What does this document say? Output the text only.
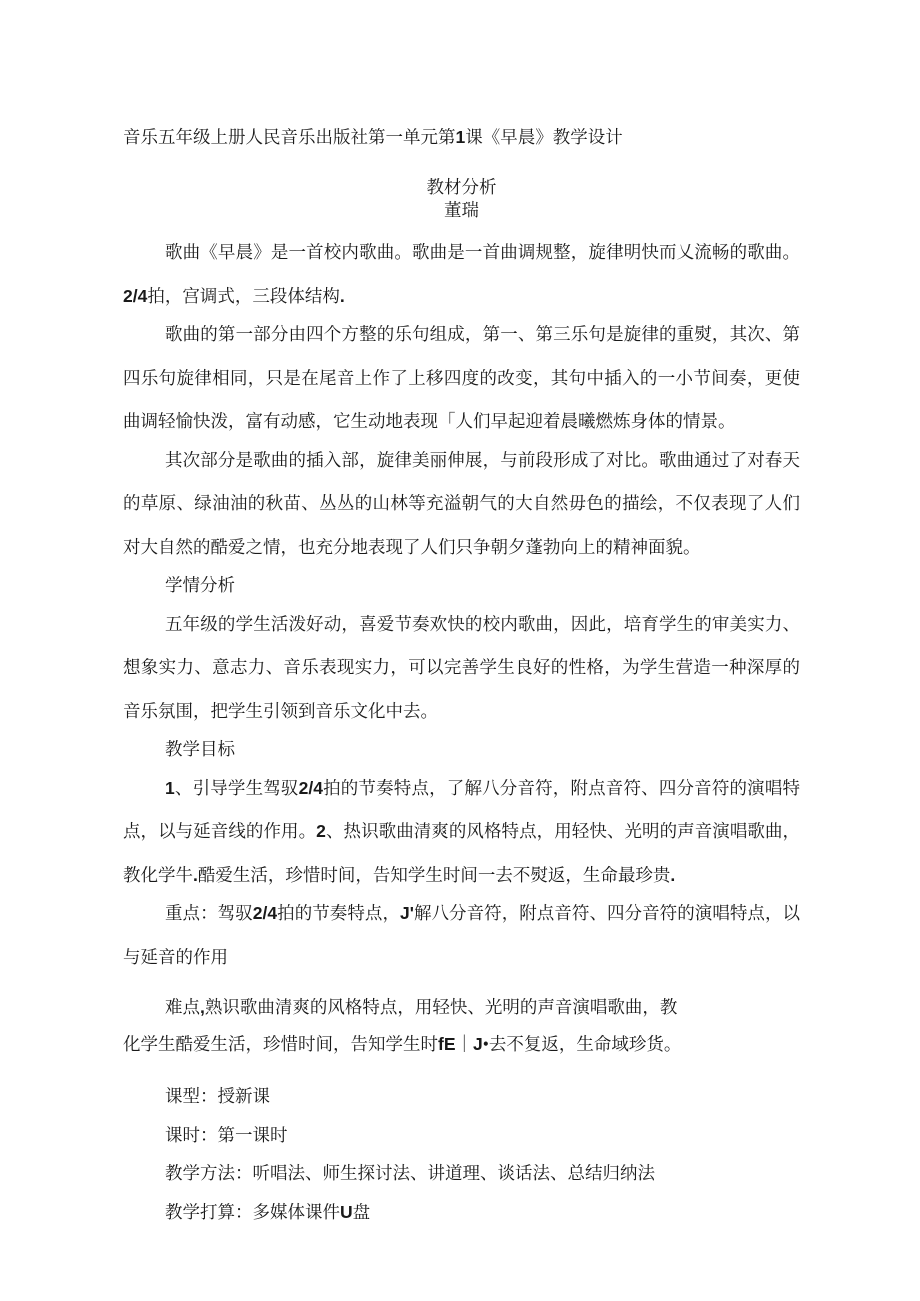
音乐五年级上册人民音乐出版社第一单元第1课《早晨》教学设计

教材分析

董瑞

歌曲《早晨》是一首校内歌曲。歌曲是一首曲调规整，旋律明快而乂流畅的歌曲。2/4拍，宫调式，三段体结构.

歌曲的第一部分由四个方整的乐句组成，第一、第三乐句是旋律的重熨，其次、第四乐句旋律相同，只是在尾音上作了上移四度的改变，其句中插入的一小节间奏，更使曲调轻愉快泼，富有动感，它生动地表现「人们早起迎着晨曦燃炼身体的情景。

其次部分是歌曲的插入部，旋律美丽伸展，与前段形成了对比。歌曲通过了对春天的草原、绿油油的秋苗、丛丛的山林等充溢朝气的大自然毋色的描绘，不仅表现了人们对大自然的酷爱之情，也充分地表现了人们只争朝夕蓬勃向上的精神面貌。

学情分析

五年级的学生活泼好动，喜爱节奏欢快的校内歌曲，因此，培育学生的审美实力、想象实力、意志力、音乐表现实力，可以完善学生良好的性格，为学生营造一种深厚的音乐氛围，把学生引领到音乐文化中去。

教学目标

1、引导学生驾驭2/4拍的节奏特点，了解八分音符，附点音符、四分音符的演唱特点，以与延音线的作用。2、热识歌曲清爽的风格特点，用轻快、光明的声音演唱歌曲，教化学牛.酷爱生活，珍惜时间，告知学生时间一去不熨返，生命最珍贵.

重点：驾驭2/4拍的节奏特点，J'解八分音符，附点音符、四分音符的演唱特点，以与延音的作用

难点,熟识歌曲清爽的风格特点，用轻快、光明的声音演唱歌曲，教
化学生酷爱生活，珍惜时间，告知学生时fE｜J•去不复返，生命域珍货。

课型：授新课

课时：第一课时

教学方法：听唱法、师生探讨法、讲道理、谈话法、总结归纳法

教学打算：多媒体课件U盘
